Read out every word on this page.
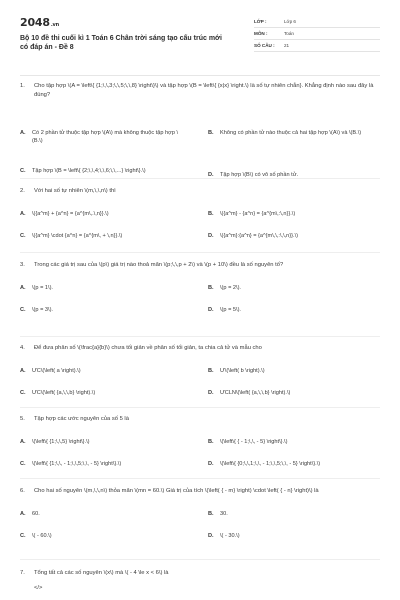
2048.vn
Bộ 10 đề thi cuối kì 1 Toán 6 Chân trời sáng tạo cấu trúc mới có đáp án - Đề 8
LỚP :	Lớp 6
MÔN :	Toán
SỐ CÂU :	21
1.	Cho tập hợp \(A = \left\{ {1;\,\,3;\,\,5;\,\,8} \right\}\) và tập hợp \(B = \left\{ {x|x} \right.\) là số tự nhiên chẵn}. Khẳng định nào sau đây là đúng?
A.	Có 2 phần tử thuộc tập hợp \(A\) mà không thuộc tập hợp \(B.\)
B.	Không có phần tử nào thuộc cả hai tập hợp \(A\) và \(B.\)
C.	Tập hợp \(B = \left\{ {2;\,\,4;\,\,6;\,\,...} \right\}.\)
D.	Tập hợp \(B\) có vô số phần tử.
2.	Với hai số tự nhiên \(m,\,\,n\) thì
A.	\({a^m} + {a^n} = {a^{m\,.\,n}}.\)	B.	\({a^m} - {a^n} = {a^{m\,:\,n}}.\)
C.	\({a^m} \cdot {a^n} = {a^{m\, + \,n}}.\)	D.	\({a^m}:{a^n} = {a^{m\,\,:\,\,n}}.\)
3.	Trong các giá trị sau của \(p\) giá trị nào thoả mãn \(p;\,\,p + 2\) và \(p + 10\) đều là số nguyên tố?
A.	\(p = 1\).	B.	\(p = 2\).
C.	\(p = 3\).	D.	\(p = 5\).
4.	Để đưa phân số \(\frac{a}{b}\) chưa tối giản về phân số tối giản, ta chia cả tử và mẫu cho
A.	ƯC\(\left( a \right).\)	B.	Ư\(\left( b \right).\)
C.	ƯC\(\left( {a,\,\,b} \right).\)	D.	ƯCLN\(\left( {a,\,\,b} \right).\)
5.	Tập hợp các ước nguyên của số 5 là
A.	\(\left\{ {1;\,\,5} \right\}.\)	B.	\(\left\{ { - 1;\,\, - 5} \right\}.\)
C.	\(\left\{ {1;\,\, - 1;\,\,5;\,\, - 5} \right\}.\)	D.	\(\left\{ {0;\,\,1;\,\, - 1;\,\,5;\,\, - 5} \right\}.\)
6.	Cho hai số nguyên \(m,\,\,n\) thỏa mãn \(mn = 60.\) Giá trị của tích \(\left( { - m} \right) \cdot \left( { - n} \right)\) là
A.	60.	B.	30.
C.	\( - 60.\)	D.	\( - 30.\)
7.	Tổng tất cả các số nguyên \(x\) mà \( - 4 \le x < 6\) là
</>
